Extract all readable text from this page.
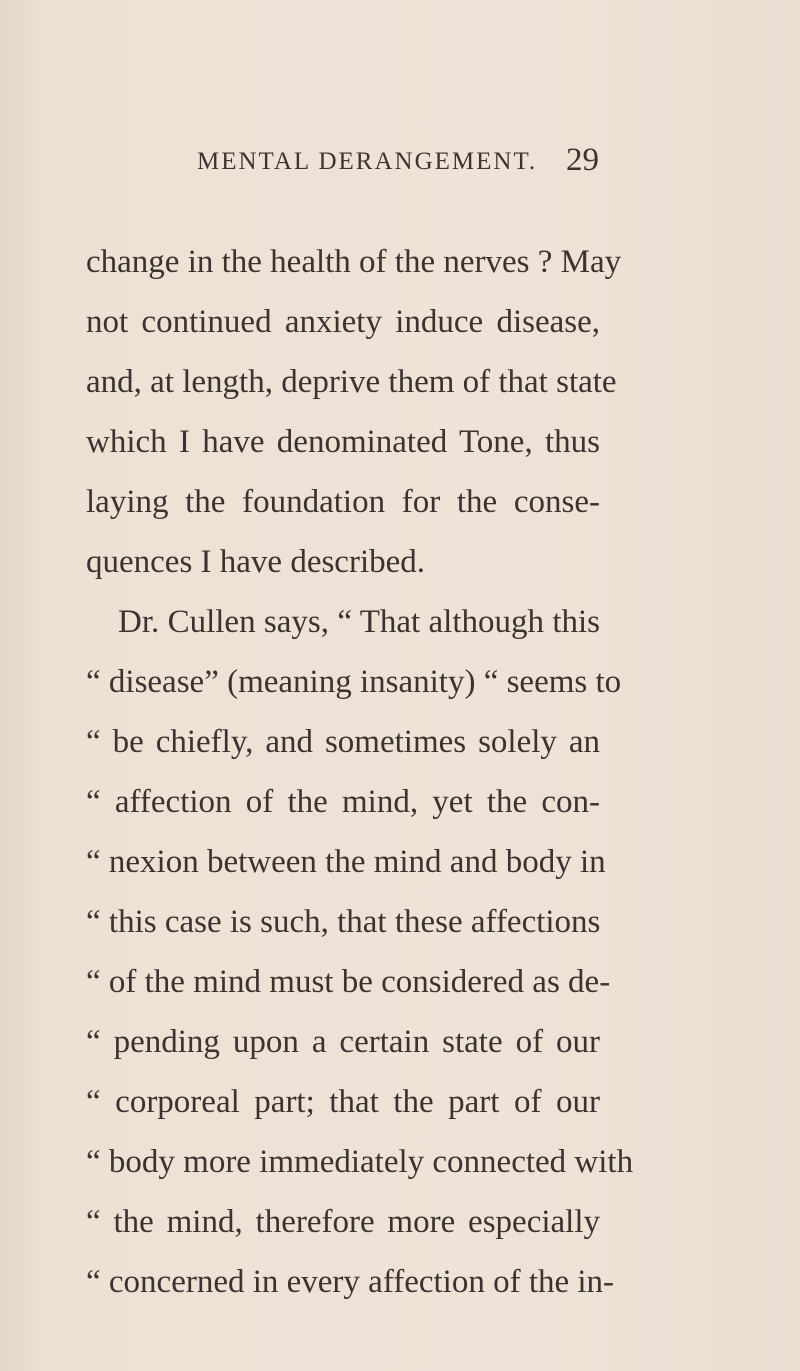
MENTAL DERANGEMENT. 29
change in the health of the nerves ? May
not continued anxiety induce disease,
and, at length, deprive them of that state
which I have denominated Tone, thus
laying the foundation for the conse-
quences I have described.
Dr. Cullen says, “ That although this
“ disease” (meaning insanity) “ seems to
“ be chiefly, and sometimes solely an
“ affection of the mind, yet the con-
“ nexion between the mind and body in
“ this case is such, that these affections
“ of the mind must be considered as de-
“ pending upon a certain state of our
“ corporeal part; that the part of our
“ body more immediately connected with
“ the mind, therefore more especially
“ concerned in every affection of the in-
